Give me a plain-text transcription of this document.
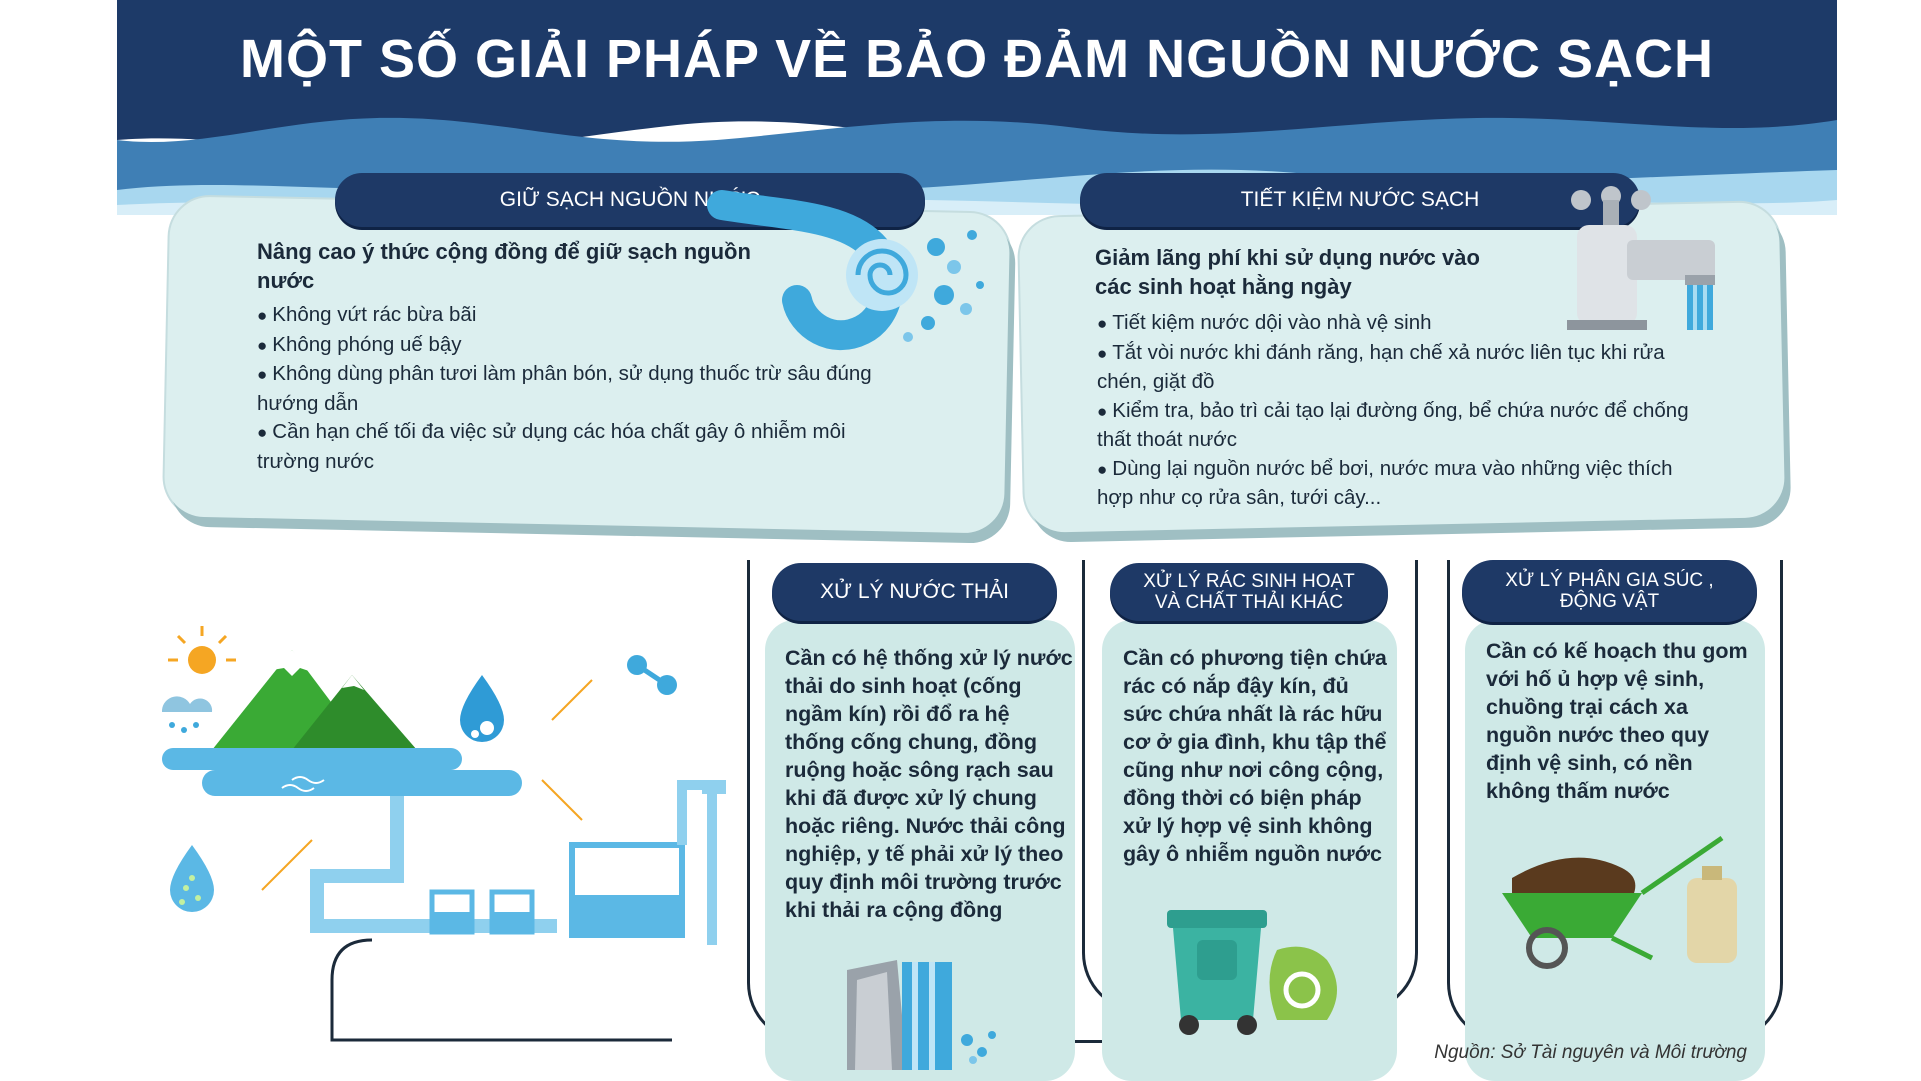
MỘT SỐ GIẢI PHÁP VỀ BẢO ĐẢM NGUỒN NƯỚC SẠCH
GIỮ SẠCH NGUỒN NƯỚC
Nâng cao ý thức cộng đồng để giữ sạch nguồn nước
● Không vứt rác bừa bãi
● Không phóng uế bậy
● Không dùng phân tươi làm phân bón, sử dụng thuốc trừ sâu đúng hướng dẫn
● Cần hạn chế tối đa việc sử dụng các hóa chất gây ô nhiễm môi trường nước
TIẾT KIỆM NƯỚC SẠCH
Giảm lãng phí khi sử dụng nước vào các sinh hoạt hằng ngày
● Tiết kiệm nước dội vào nhà vệ sinh
● Tắt vòi nước khi đánh răng, hạn chế xả nước liên tục khi rửa chén, giặt đồ
● Kiểm tra, bảo trì cải tạo lại đường ống, bể chứa nước để chống thất thoát nước
● Dùng lại nguồn nước bể bơi, nước mưa vào những việc thích hợp như cọ rửa sân, tưới cây...
XỬ LÝ NƯỚC THẢI
Cần có hệ thống xử lý nước thải do sinh hoạt (cống ngầm kín) rồi đổ ra hệ thống cống chung, đồng ruộng hoặc sông rạch sau khi đã được xử lý chung hoặc riêng. Nước thải công nghiệp, y tế phải xử lý theo quy định môi trường trước khi thải ra cộng đồng
XỬ LÝ RÁC SINH HOẠT
VÀ CHẤT THẢI KHÁC
Cần có phương tiện chứa rác có nắp đậy kín, đủ sức chứa nhất là rác hữu cơ ở gia đình, khu tập thể cũng như nơi công cộng, đồng thời có biện pháp xử lý hợp vệ sinh không gây ô nhiễm nguồn nước
XỬ LÝ PHÂN GIA SÚC ,
ĐỘNG VẬT
Cần có kế hoạch thu gom với hố ủ hợp vệ sinh, chuồng trại cách xa nguồn nước theo quy định vệ sinh, có nền không thấm nước
Nguồn: Sở Tài nguyên và Môi trường
